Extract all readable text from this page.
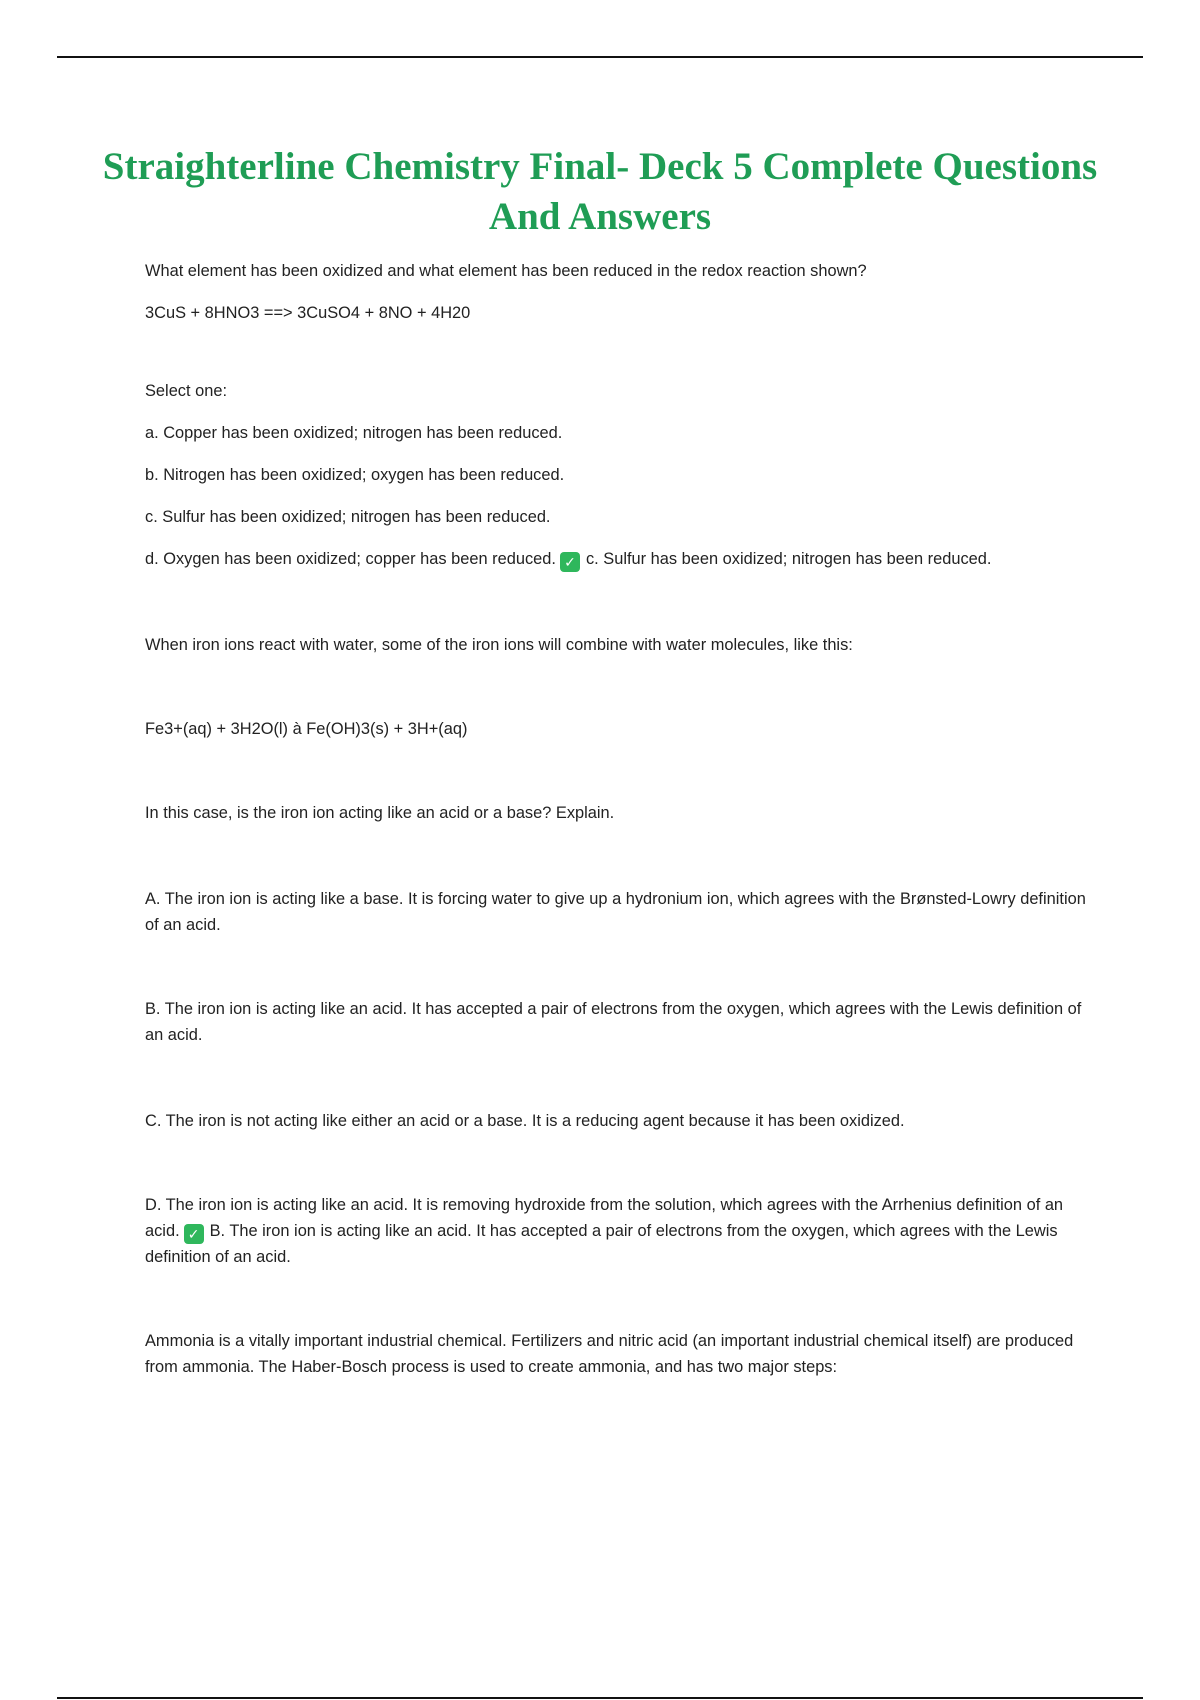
Straighterline Chemistry Final- Deck 5 Complete Questions And Answers

What element has been oxidized and what element has been reduced in the redox reaction shown?

3CuS + 8HNO3 ==> 3CuSO4 + 8NO + 4H20

Select one:

a. Copper has been oxidized; nitrogen has been reduced.

b. Nitrogen has been oxidized; oxygen has been reduced.

c. Sulfur has been oxidized; nitrogen has been reduced.

d. Oxygen has been oxidized; copper has been reduced. ✓ c. Sulfur has been oxidized; nitrogen has been reduced.

When iron ions react with water, some of the iron ions will combine with water molecules, like this:

Fe3+(aq) + 3H2O(l) à Fe(OH)3(s) + 3H+(aq)

In this case, is the iron ion acting like an acid or a base? Explain.

A. The iron ion is acting like a base. It is forcing water to give up a hydronium ion, which agrees with the Brønsted-Lowry definition of an acid.

B. The iron ion is acting like an acid. It has accepted a pair of electrons from the oxygen, which agrees with the Lewis definition of an acid.

C. The iron is not acting like either an acid or a base. It is a reducing agent because it has been oxidized.

D. The iron ion is acting like an acid. It is removing hydroxide from the solution, which agrees with the Arrhenius definition of an acid. ✓ B. The iron ion is acting like an acid. It has accepted a pair of electrons from the oxygen, which agrees with the Lewis definition of an acid.

Ammonia is a vitally important industrial chemical. Fertilizers and nitric acid (an important industrial chemical itself) are produced from ammonia. The Haber-Bosch process is used to create ammonia, and has two major steps:
